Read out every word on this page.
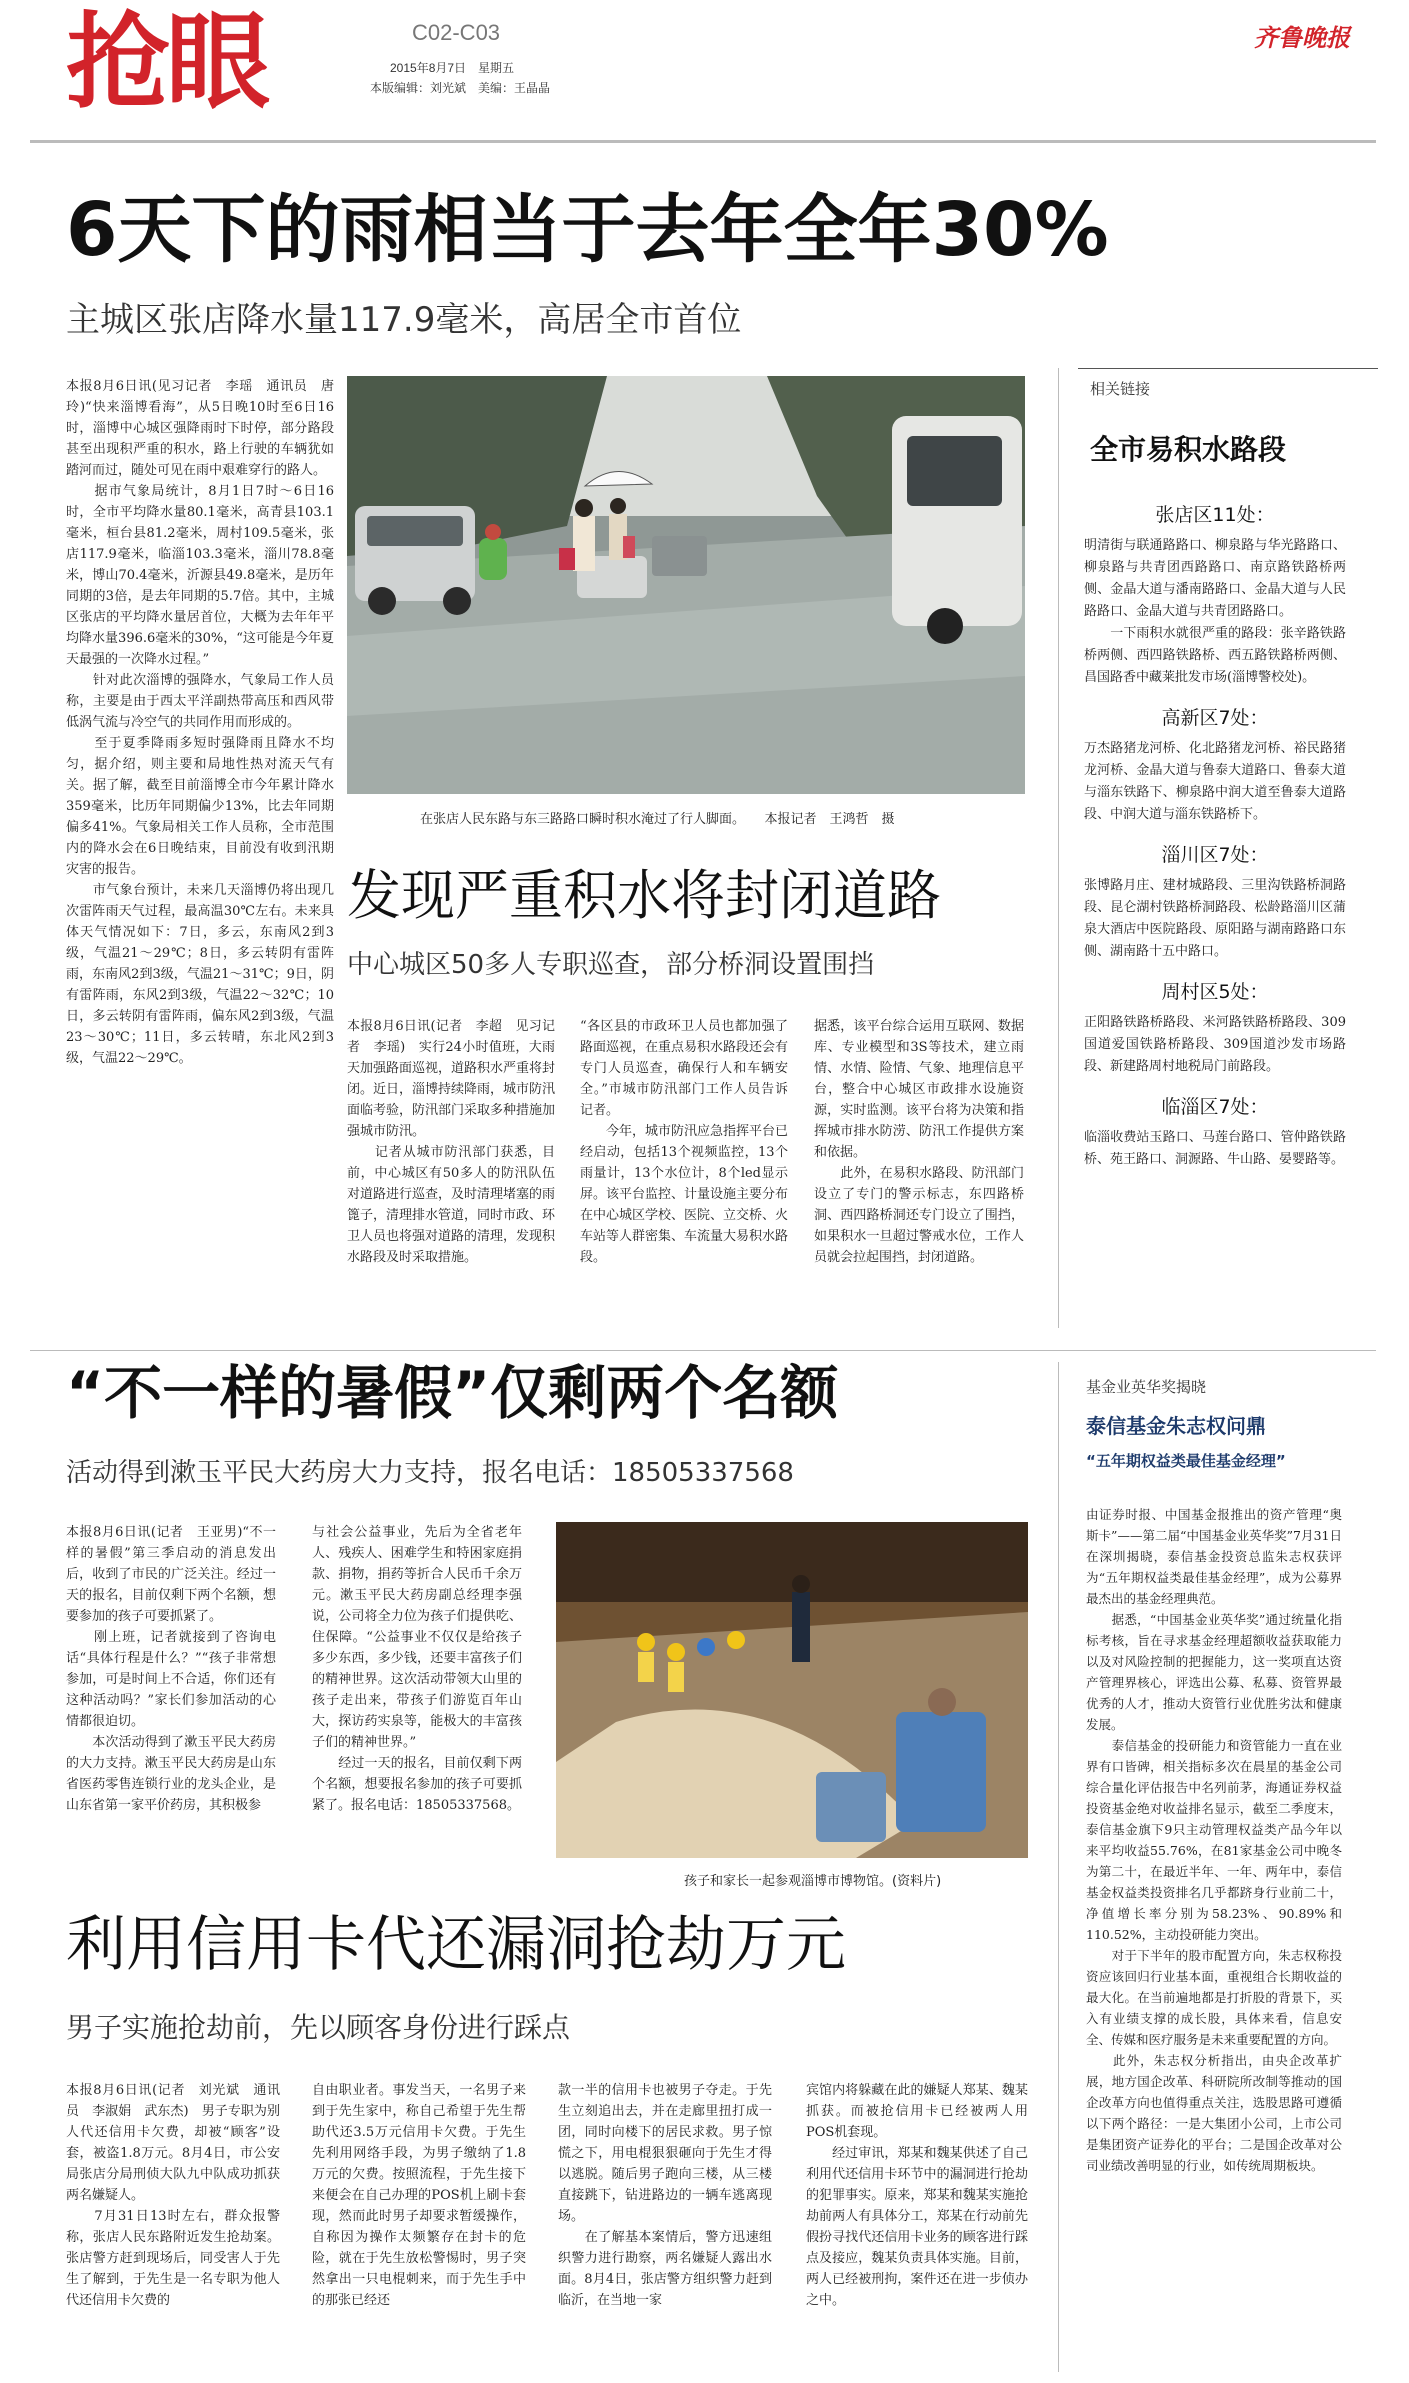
抢眼	C02-C03
2015年8月7日　星期五
本版编辑：刘光斌　美编：王晶晶
齐鲁晚报
6天下的雨相当于去年全年30%
主城区张店降水量117.9毫米，高居全市首位
本报8月6日讯(见习记者　李瑶　通讯员　唐玲)“快来淄博看海”，从5日晚10时至6日16时，淄博中心城区强降雨时下时停，部分路段甚至出现积严重的积水，路上行驶的车辆犹如踏河而过，随处可见在雨中艰难穿行的路人。
　　据市气象局统计，8月1日7时～6日16时，全市平均降水量80.1毫米，高青县103.1毫米，桓台县81.2毫米，周村109.5毫米，张店117.9毫米，临淄103.3毫米，淄川78.8毫米，博山70.4毫米，沂源县49.8毫米，是历年同期的3倍，是去年同期的5.7倍。其中，主城区张店的平均降水量居首位，大概为去年年平均降水量396.6毫米的30%，“这可能是今年夏天最强的一次降水过程。”
　　针对此次淄博的强降水，气象局工作人员称，主要是由于西太平洋副热带高压和西风带低涡气流与冷空气的共同作用而形成的。
　　至于夏季降雨多短时强降雨且降水不均匀，据介绍，则主要和局地性热对流天气有关。据了解，截至目前淄博全市今年累计降水359毫米，比历年同期偏少13%，比去年同期偏多41%。气象局相关工作人员称，全市范围内的降水会在6日晚结束，目前没有收到汛期灾害的报告。
　　市气象台预计，未来几天淄博仍将出现几次雷阵雨天气过程，最高温30℃左右。未来具体天气情况如下：7日，多云，东南风2到3级，气温21～29℃；8日，多云转阴有雷阵雨，东南风2到3级，气温21～31℃；9日，阴有雷阵雨，东风2到3级，气温22～32℃；10日，多云转阴有雷阵雨，偏东风2到3级，气温23～30℃；11日，多云转晴，东北风2到3级，气温22～29℃。
在张店人民东路与东三路路口瞬时积水淹过了行人脚面。　　本报记者　王鸿哲　摄
发现严重积水将封闭道路
中心城区50多人专职巡查，部分桥洞设置围挡
本报8月6日讯(记者　李超　见习记者　李瑶)　实行24小时值班，大雨天加强路面巡视，道路积水严重将封闭。近日，淄博持续降雨，城市防汛面临考验，防汛部门采取多种措施加强城市防汛。
　　记者从城市防汛部门获悉，目前，中心城区有50多人的防汛队伍对道路进行巡查，及时清理堵塞的雨篦子，清理排水管道，同时市政、环卫人员也将强对道路的清理，发现积水路段及时采取措施。
“各区县的市政环卫人员也都加强了路面巡视，在重点易积水路段还会有专门人员巡查，确保行人和车辆安全。”市城市防汛部门工作人员告诉记者。
　　今年，城市防汛应急指挥平台已经启动，包括13个视频监控，13个雨量计，13个水位计，8个led显示屏。该平台监控、计量设施主要分布在中心城区学校、医院、立交桥、火车站等人群密集、车流量大易积水路段。
据悉，该平台综合运用互联网、数据库、专业模型和3S等技术，建立雨情、水情、险情、气象、地理信息平台，整合中心城区市政排水设施资源，实时监测。该平台将为决策和指挥城市排水防涝、防汛工作提供方案和依据。
　　此外，在易积水路段、防汛部门设立了专门的警示标志，东四路桥洞、西四路桥洞还专门设立了围挡，如果积水一旦超过警戒水位，工作人员就会拉起围挡，封闭道路。
相关链接
全市易积水路段
张店区11处：
明清街与联通路路口、柳泉路与华光路路口、柳泉路与共青团西路路口、南京路铁路桥两侧、金晶大道与潘南路路口、金晶大道与人民路路口、金晶大道与共青团路路口。
　　一下雨积水就很严重的路段：张辛路铁路桥两侧、西四路铁路桥、西五路铁路桥两侧、昌国路香中藏莱批发市场(淄博警校处)。
高新区7处：
万杰路猪龙河桥、化北路猪龙河桥、裕民路猪龙河桥、金晶大道与鲁泰大道路口、鲁泰大道与淄东铁路下、柳泉路中润大道至鲁泰大道路段、中润大道与淄东铁路桥下。
淄川区7处：
张博路月庄、建材城路段、三里沟铁路桥洞路段、昆仑湖村铁路桥洞路段、松龄路淄川区蒲泉大酒店中医院路段、原阳路与湖南路路口东侧、湖南路十五中路口。
周村区5处：
正阳路铁路桥路段、米河路铁路桥路段、309国道爱国铁路桥路段、309国道沙发市场路段、新建路周村地税局门前路段。
临淄区7处：
临淄收费站玉路口、马莲台路口、管仲路铁路桥、苑王路口、洞源路、牛山路、晏婴路等。
“不一样的暑假”仅剩两个名额
活动得到漱玉平民大药房大力支持，报名电话：18505337568
本报8月6日讯(记者　王亚男)“不一样的暑假”第三季启动的消息发出后，收到了市民的广泛关注。经过一天的报名，目前仅剩下两个名额，想要参加的孩子可要抓紧了。
　　刚上班，记者就接到了咨询电话“具体行程是什么？”“孩子非常想参加，可是时间上不合适，你们还有这种活动吗？”家长们参加活动的心情都很迫切。
　　本次活动得到了漱玉平民大药房的大力支持。漱玉平民大药房是山东省医药零售连锁行业的龙头企业，是山东省第一家平价药房，其积极参
与社会公益事业，先后为全省老年人、残疾人、困难学生和特困家庭捐款、捐物，捐药等折合人民币千余万元。漱玉平民大药房副总经理李强说，公司将全力位为孩子们提供吃、住保障。“公益事业不仅仅是给孩子多少东西，多少钱，还要丰富孩子们的精神世界。这次活动带领大山里的孩子走出来，带孩子们游览百年山大，探访药实泉等，能极大的丰富孩子们的精神世界。”
　　经过一天的报名，目前仅剩下两个名额，想要报名参加的孩子可要抓紧了。报名电话：18505337568。
孩子和家长一起参观淄博市博物馆。(资料片)
利用信用卡代还漏洞抢劫万元
男子实施抢劫前，先以顾客身份进行踩点
本报8月6日讯(记者　刘光斌　通讯员　李淑娟　武东杰)　男子专职为别人代还信用卡欠费，却被“顾客”设套，被盗1.8万元。8月4日，市公安局张店分局刑侦大队九中队成功抓获两名嫌疑人。
　　7月31日13时左右，群众报警称，张店人民东路附近发生抢劫案。张店警方赶到现场后，同受害人于先生了解到，于先生是一名专职为他人代还信用卡欠费的
自由职业者。事发当天，一名男子来到于先生家中，称自己希望于先生帮助代还3.5万元信用卡欠费。于先生先利用网络手段，为男子缴纳了1.8万元的欠费。按照流程，于先生接下来便会在自己办理的POS机上刷卡套现，然而此时男子却要求暂缓操作，自称因为操作太频繁存在封卡的危险，就在于先生放松警惕时，男子突然拿出一只电棍刺来，而于先生手中的那张已经还
款一半的信用卡也被男子夺走。于先生立刻追出去，并在走廊里扭打成一团，同时向楼下的居民求救。男子惊慌之下，用电棍狠狠砸向于先生才得以逃脱。随后男子跑向三楼，从三楼直接跳下，钻进路边的一辆车逃离现场。
　　在了解基本案情后，警方迅速组织警力进行勘察，两名嫌疑人露出水面。8月4日，张店警方组织警力赶到临沂，在当地一家
宾馆内将躲藏在此的嫌疑人郑某、魏某抓获。而被抢信用卡已经被两人用POS机套现。
　　经过审讯，郑某和魏某供述了自己利用代还信用卡环节中的漏洞进行抢劫的犯罪事实。原来，郑某和魏某实施抢劫前两人有具体分工，郑某在行动前先假扮寻找代还信用卡业务的顾客进行踩点及接应，魏某负责具体实施。目前，两人已经被刑拘，案件还在进一步侦办之中。
基金业英华奖揭晓
泰信基金朱志权问鼎
“五年期权益类最佳基金经理”
由证券时报、中国基金报推出的资产管理“奥斯卡”——第二届“中国基金业英华奖”7月31日在深圳揭晓，泰信基金投资总监朱志权获评为“五年期权益类最佳基金经理”，成为公募界最杰出的基金经理典范。
　　据悉，“中国基金业英华奖”通过统量化指标考核，旨在寻求基金经理超额收益获取能力以及对风险控制的把握能力，这一奖项直达资产管理界核心，评选出公募、私募、资管界最优秀的人才，推动大资管行业优胜劣汰和健康发展。
　　泰信基金的投研能力和资管能力一直在业界有口皆碑，相关指标多次在晨星的基金公司综合量化评估报告中名列前茅，海通证券权益投资基金绝对收益排名显示，截至二季度末，泰信基金旗下9只主动管理权益类产品今年以来平均收益55.76%，在81家基金公司中晚冬为第二十，在最近半年、一年、两年中，泰信基金权益类投资排名几乎都跻身行业前二十，净值增长率分别为58.23%、90.89%和110.52%，主动投研能力突出。
　　对于下半年的股市配置方向，朱志权称投资应该回归行业基本面，重视组合长期收益的最大化。在当前遍地都是打折股的背景下，买入有业绩支撑的成长股，具体来看，信息安全、传媒和医疗服务是未来重要配置的方向。
　　此外，朱志权分析指出，由央企改革扩展，地方国企改革、科研院所改制等推动的国企改革方向也值得重点关注，选股思路可遵循以下两个路径：一是大集团小公司，上市公司是集团资产证券化的平台；二是国企改革对公司业绩改善明显的行业，如传统周期板块。
